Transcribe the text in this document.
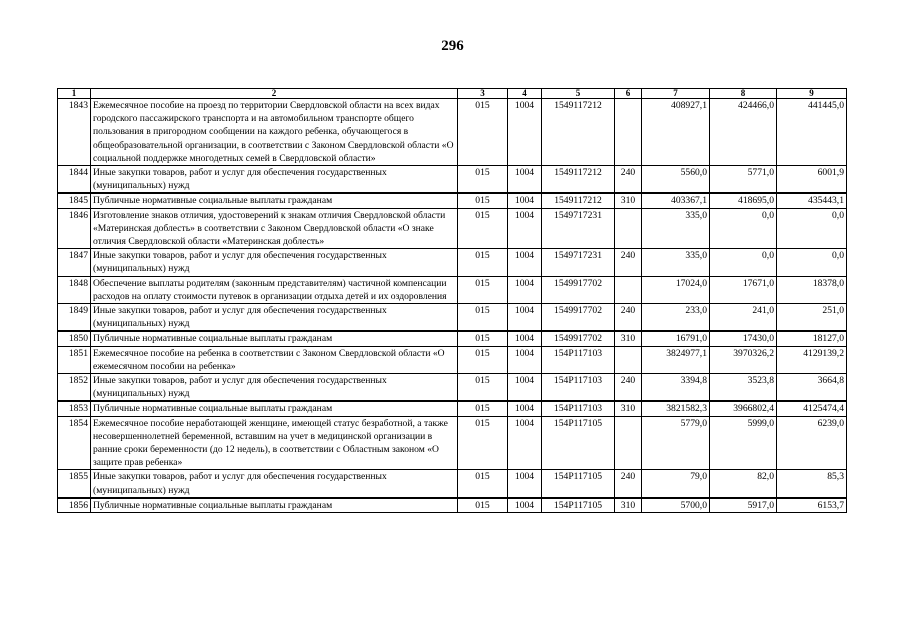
296
1	2	3	4	5	6	7	8	9
1843	Ежемесячное пособие на проезд по территории Свердловской области на всех видах городского пассажирского транспорта и на автомобильном транспорте общего пользования в пригородном сообщении на каждого ребенка, обучающегося в общеобразовательной организации, в соответствии с Законом Свердловской области «О социальной поддержке многодетных семей в Свердловской области»	015	1004	1549117212		408927,1	424466,0	441445,0
1844	Иные закупки товаров, работ и услуг для обеспечения государственных (муниципальных) нужд	015	1004	1549117212	240	5560,0	5771,0	6001,9
1845	Публичные нормативные социальные выплаты гражданам	015	1004	1549117212	310	403367,1	418695,0	435443,1
1846	Изготовление знаков отличия, удостоверений к знакам отличия Свердловской области «Материнская доблесть» в соответствии с Законом Свердловской области «О знаке отличия Свердловской области «Материнская доблесть»	015	1004	1549717231		335,0	0,0	0,0
1847	Иные закупки товаров, работ и услуг для обеспечения государственных (муниципальных) нужд	015	1004	1549717231	240	335,0	0,0	0,0
1848	Обеспечение выплаты родителям (законным представителям) частичной компенсации расходов на оплату стоимости путевок в организации отдыха детей и их оздоровления	015	1004	1549917702		17024,0	17671,0	18378,0
1849	Иные закупки товаров, работ и услуг для обеспечения государственных (муниципальных) нужд	015	1004	1549917702	240	233,0	241,0	251,0
1850	Публичные нормативные социальные выплаты гражданам	015	1004	1549917702	310	16791,0	17430,0	18127,0
1851	Ежемесячное пособие на ребенка в соответствии с Законом Свердловской области «О ежемесячном пособии на ребенка»	015	1004	154P117103		3824977,1	3970326,2	4129139,2
1852	Иные закупки товаров, работ и услуг для обеспечения государственных (муниципальных) нужд	015	1004	154P117103	240	3394,8	3523,8	3664,8
1853	Публичные нормативные социальные выплаты гражданам	015	1004	154P117103	310	3821582,3	3966802,4	4125474,4
1854	Ежемесячное пособие неработающей женщине, имеющей статус безработной, а также несовершеннолетней беременной, вставшим на учет в медицинской организации в ранние сроки беременности (до 12 недель), в соответствии с Областным законом «О защите прав ребенка»	015	1004	154P117105		5779,0	5999,0	6239,0
1855	Иные закупки товаров, работ и услуг для обеспечения государственных (муниципальных) нужд	015	1004	154P117105	240	79,0	82,0	85,3
1856	Публичные нормативные социальные выплаты гражданам	015	1004	154P117105	310	5700,0	5917,0	6153,7
